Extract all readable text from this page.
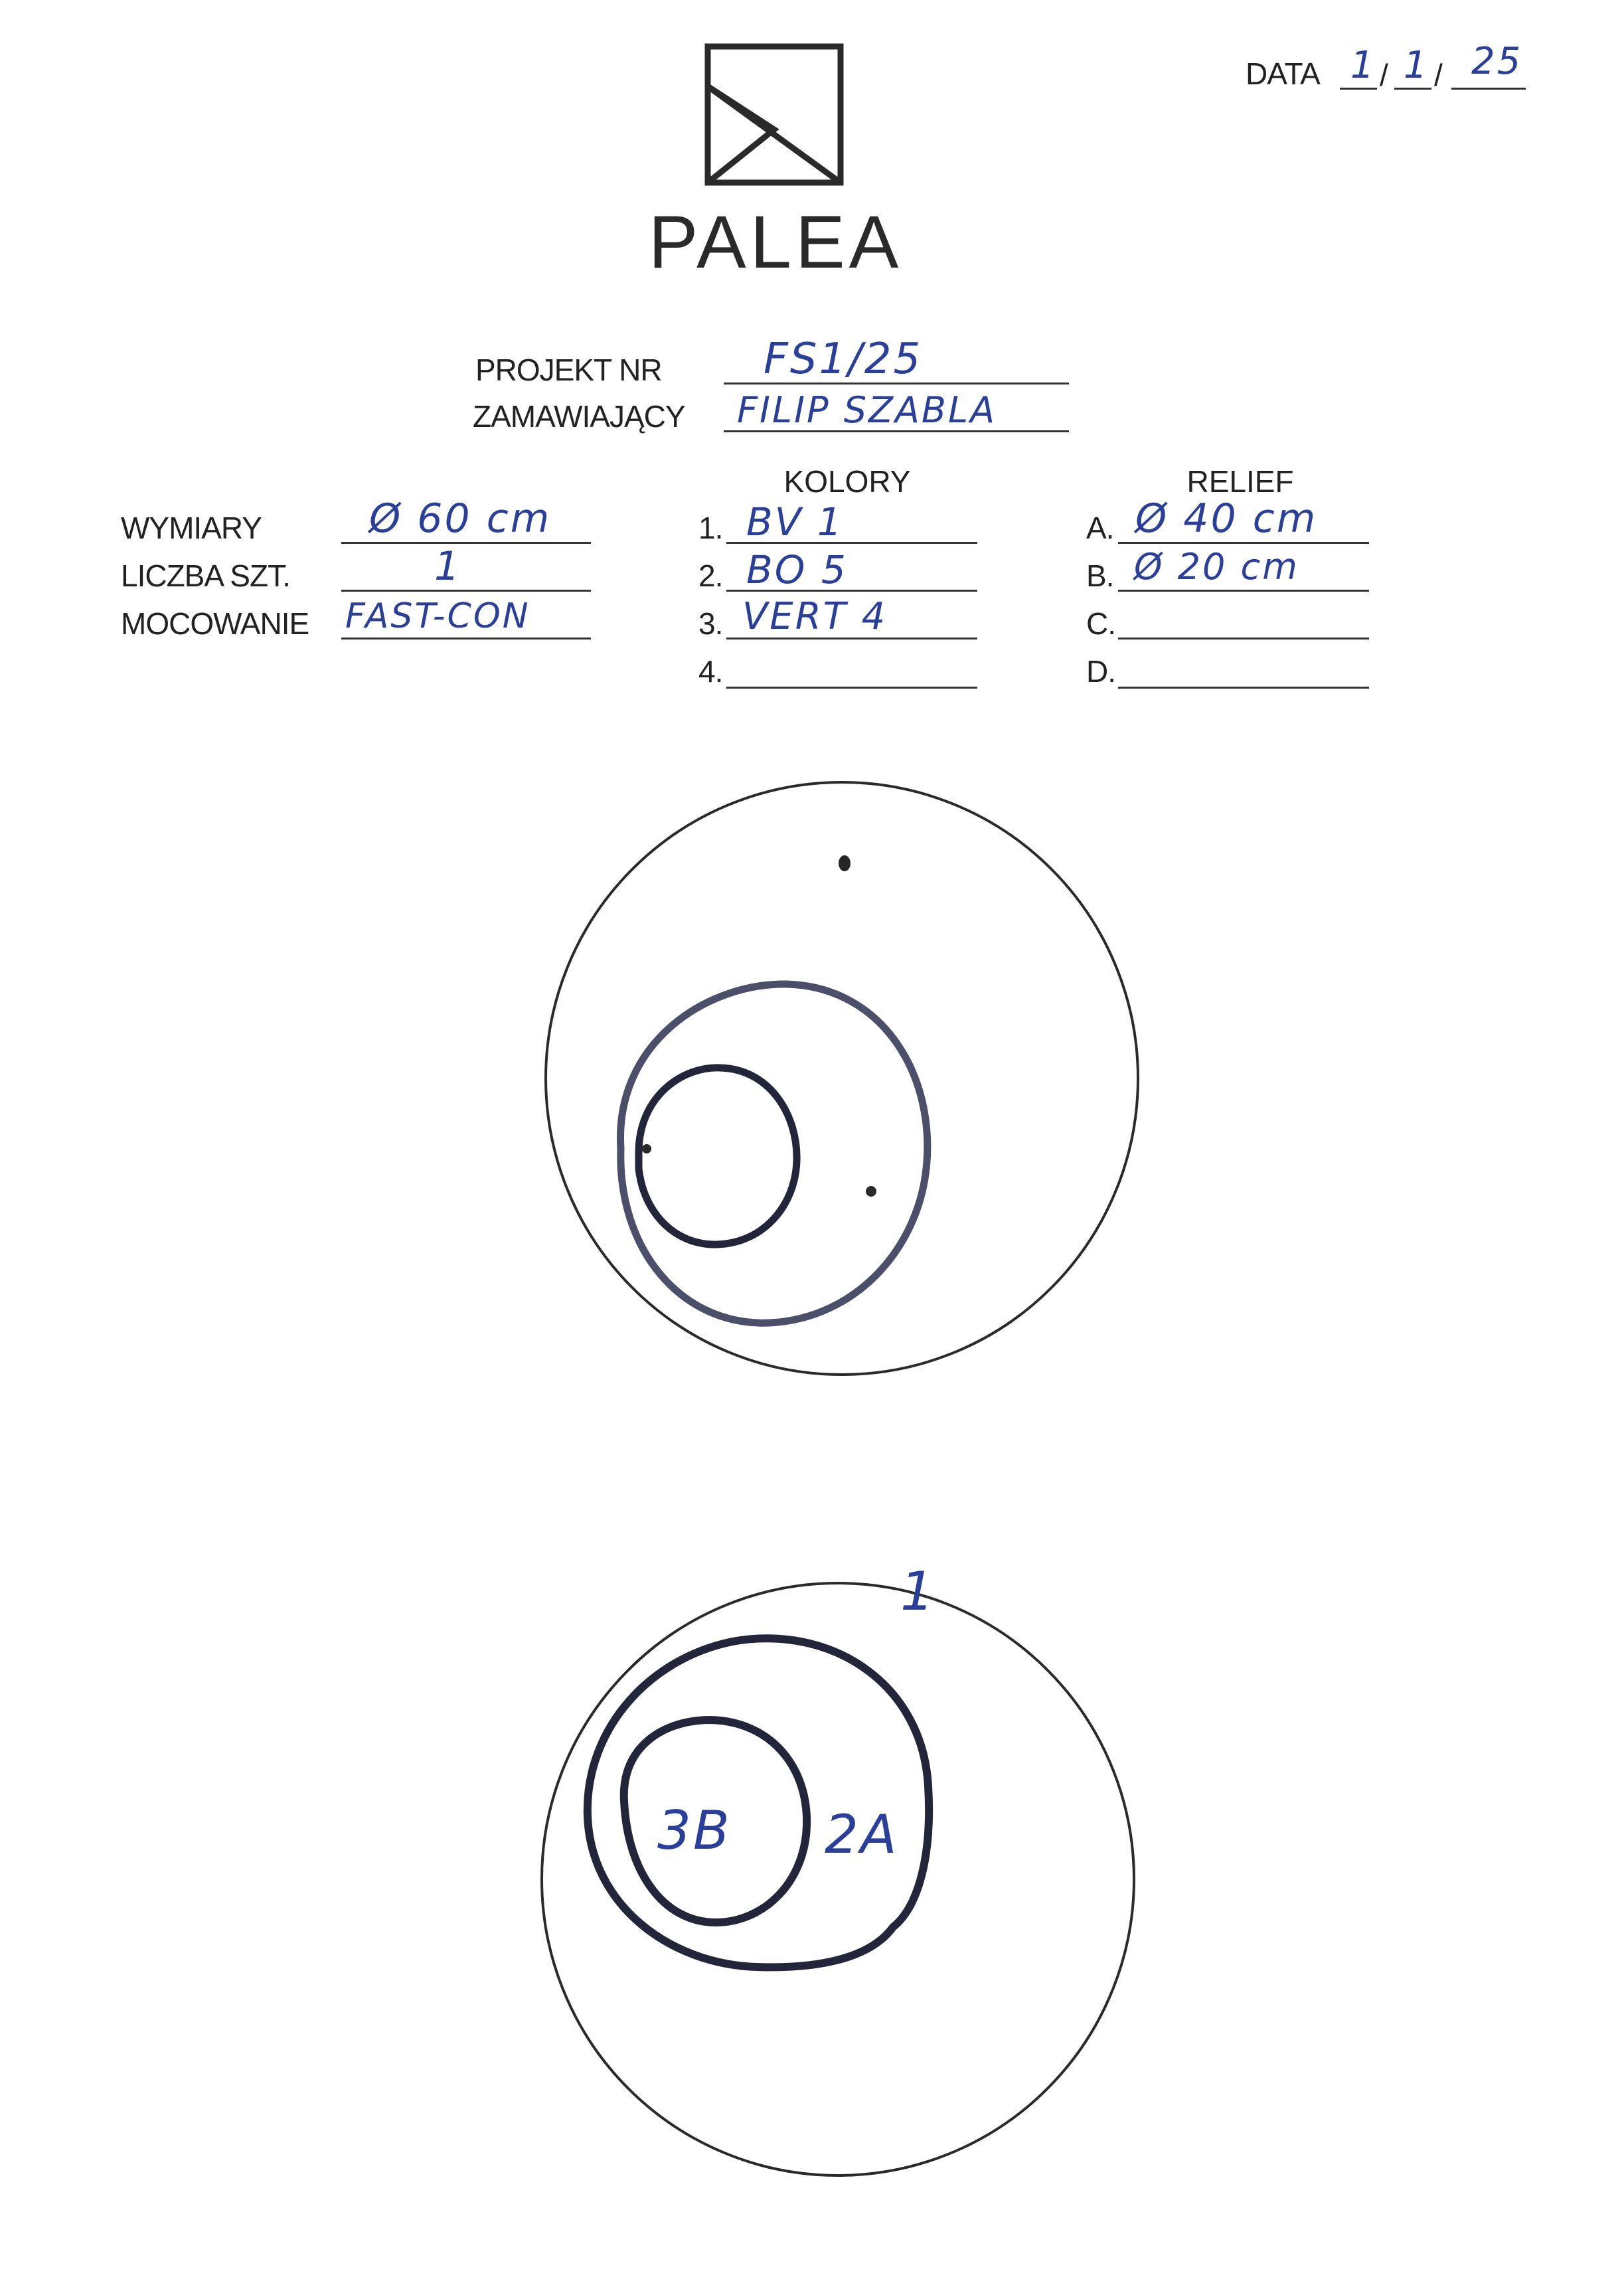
PALEA
DATA 1 / 1 / 25
PROJEKT NR FS1/25
ZAMAWIAJĄCY FILIP SZABLA
KOLORY	RELIEF
WYMIARY	Ø 60 cm
LICZBA SZT.	1
MOCOWANIE FAST-CON
1. BV 1
2. BO 5
3. VERT 4
4.
A. Ø 40 cm
B. Ø 20 cm
C.
D.
1
2A
3B
